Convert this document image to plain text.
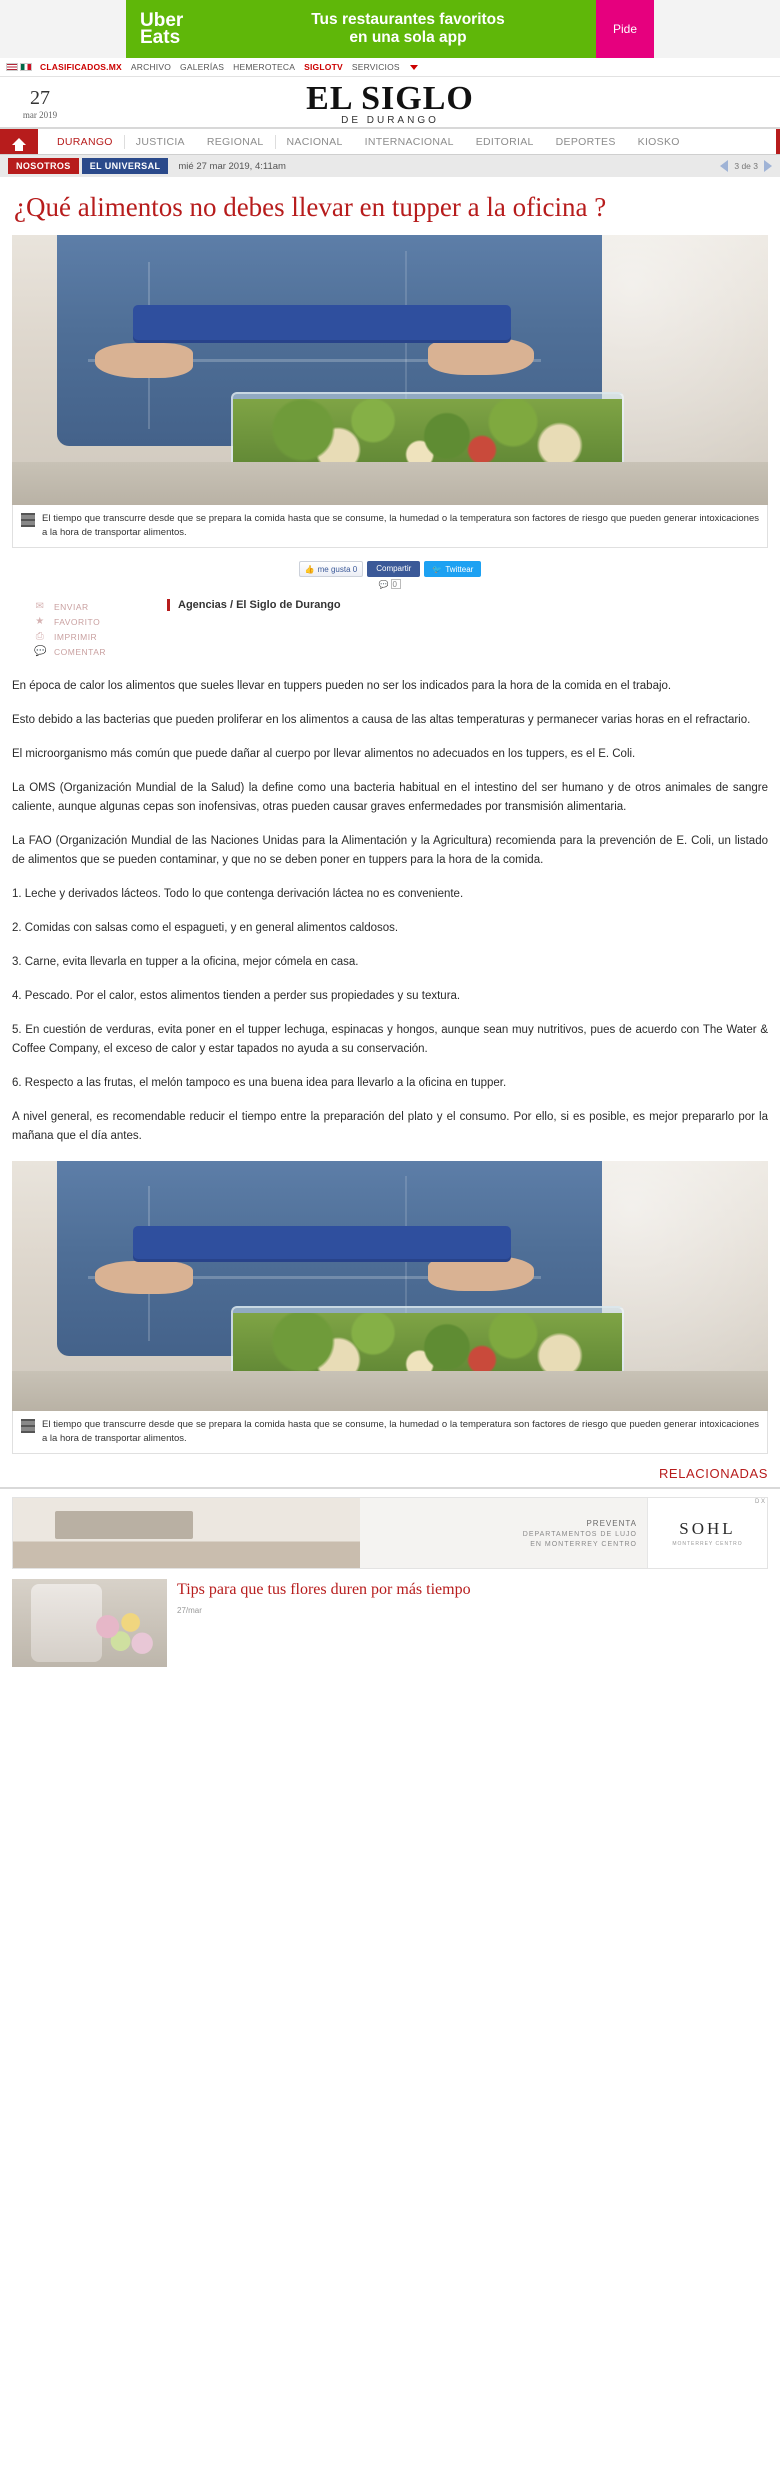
Uber
Eats
Tus restaurantes favoritos
en una sola app	Pide
CLASIFICADOS.MX ARCHIVO GALERÍAS HEMEROTECA SIGLOTV SERVICIOS
27
mar 2019	EL SIGLO
DE DURANGO
DURANGO	JUSTICIA	REGIONAL	NACIONAL	INTERNACIONAL	EDITORIAL	DEPORTES	KIOSKO
NOSOTROS	EL UNIVERSAL	mié 27 mar 2019, 4:11am	3 de 3
¿Qué alimentos no debes llevar en tupper a la oficina ?
El tiempo que transcurre desde que se prepara la comida hasta que se consume, la humedad o la temperatura son factores de riesgo que pueden generar intoxicaciones a la hora de transportar alimentos.
👍 me gusta 0	Compartir	🐦 Twittear
💬 0
✉ ENVIAR
★ FAVORITO
⎙ IMPRIMIR
💬 COMENTAR
Agencias / El Siglo de Durango

En época de calor los alimentos que sueles llevar en tuppers pueden no ser los indicados para la hora de la comida en el trabajo.

Esto debido a las bacterias que pueden proliferar en los alimentos a causa de las altas temperaturas y permanecer varias horas en el refractario.

El microorganismo más común que puede dañar al cuerpo por llevar alimentos no adecuados en los tuppers, es el E. Coli.

La OMS (Organización Mundial de la Salud) la define como una bacteria habitual en el intestino del ser humano y de otros animales de sangre caliente, aunque algunas cepas son inofensivas, otras pueden causar graves enfermedades por transmisión alimentaria.

La FAO (Organización Mundial de las Naciones Unidas para la Alimentación y la Agricultura) recomienda para la prevención de E. Coli, un listado de alimentos que se pueden contaminar, y que no se deben poner en tuppers para la hora de la comida.

1. Leche y derivados lácteos. Todo lo que contenga derivación láctea no es conveniente.

2. Comidas con salsas como el espagueti, y en general alimentos caldosos.

3. Carne, evita llevarla en tupper a la oficina, mejor cómela en casa.

4. Pescado. Por el calor, estos alimentos tienden a perder sus propiedades y su textura.

5. En cuestión de verduras, evita poner en el tupper lechuga, espinacas y hongos, aunque sean muy nutritivos, pues de acuerdo con The Water & Coffee Company, el exceso de calor y estar tapados no ayuda a su conservación.

6. Respecto a las frutas, el melón tampoco es una buena idea para llevarlo a la oficina en tupper.

A nivel general, es recomendable reducir el tiempo entre la preparación del plato y el consumo. Por ello, si es posible, es mejor prepararlo por la mañana que el día antes.

El tiempo que transcurre desde que se prepara la comida hasta que se consume, la humedad o la temperatura son factores de riesgo que pueden generar intoxicaciones a la hora de transportar alimentos.
RELACIONADAS
D X
PREVENTA
DEPARTAMENTOS DE LUJO
EN MONTERREY CENTRO
SOHL
MONTERREY CENTRO
Tips para que tus flores duren por más tiempo
27/mar
